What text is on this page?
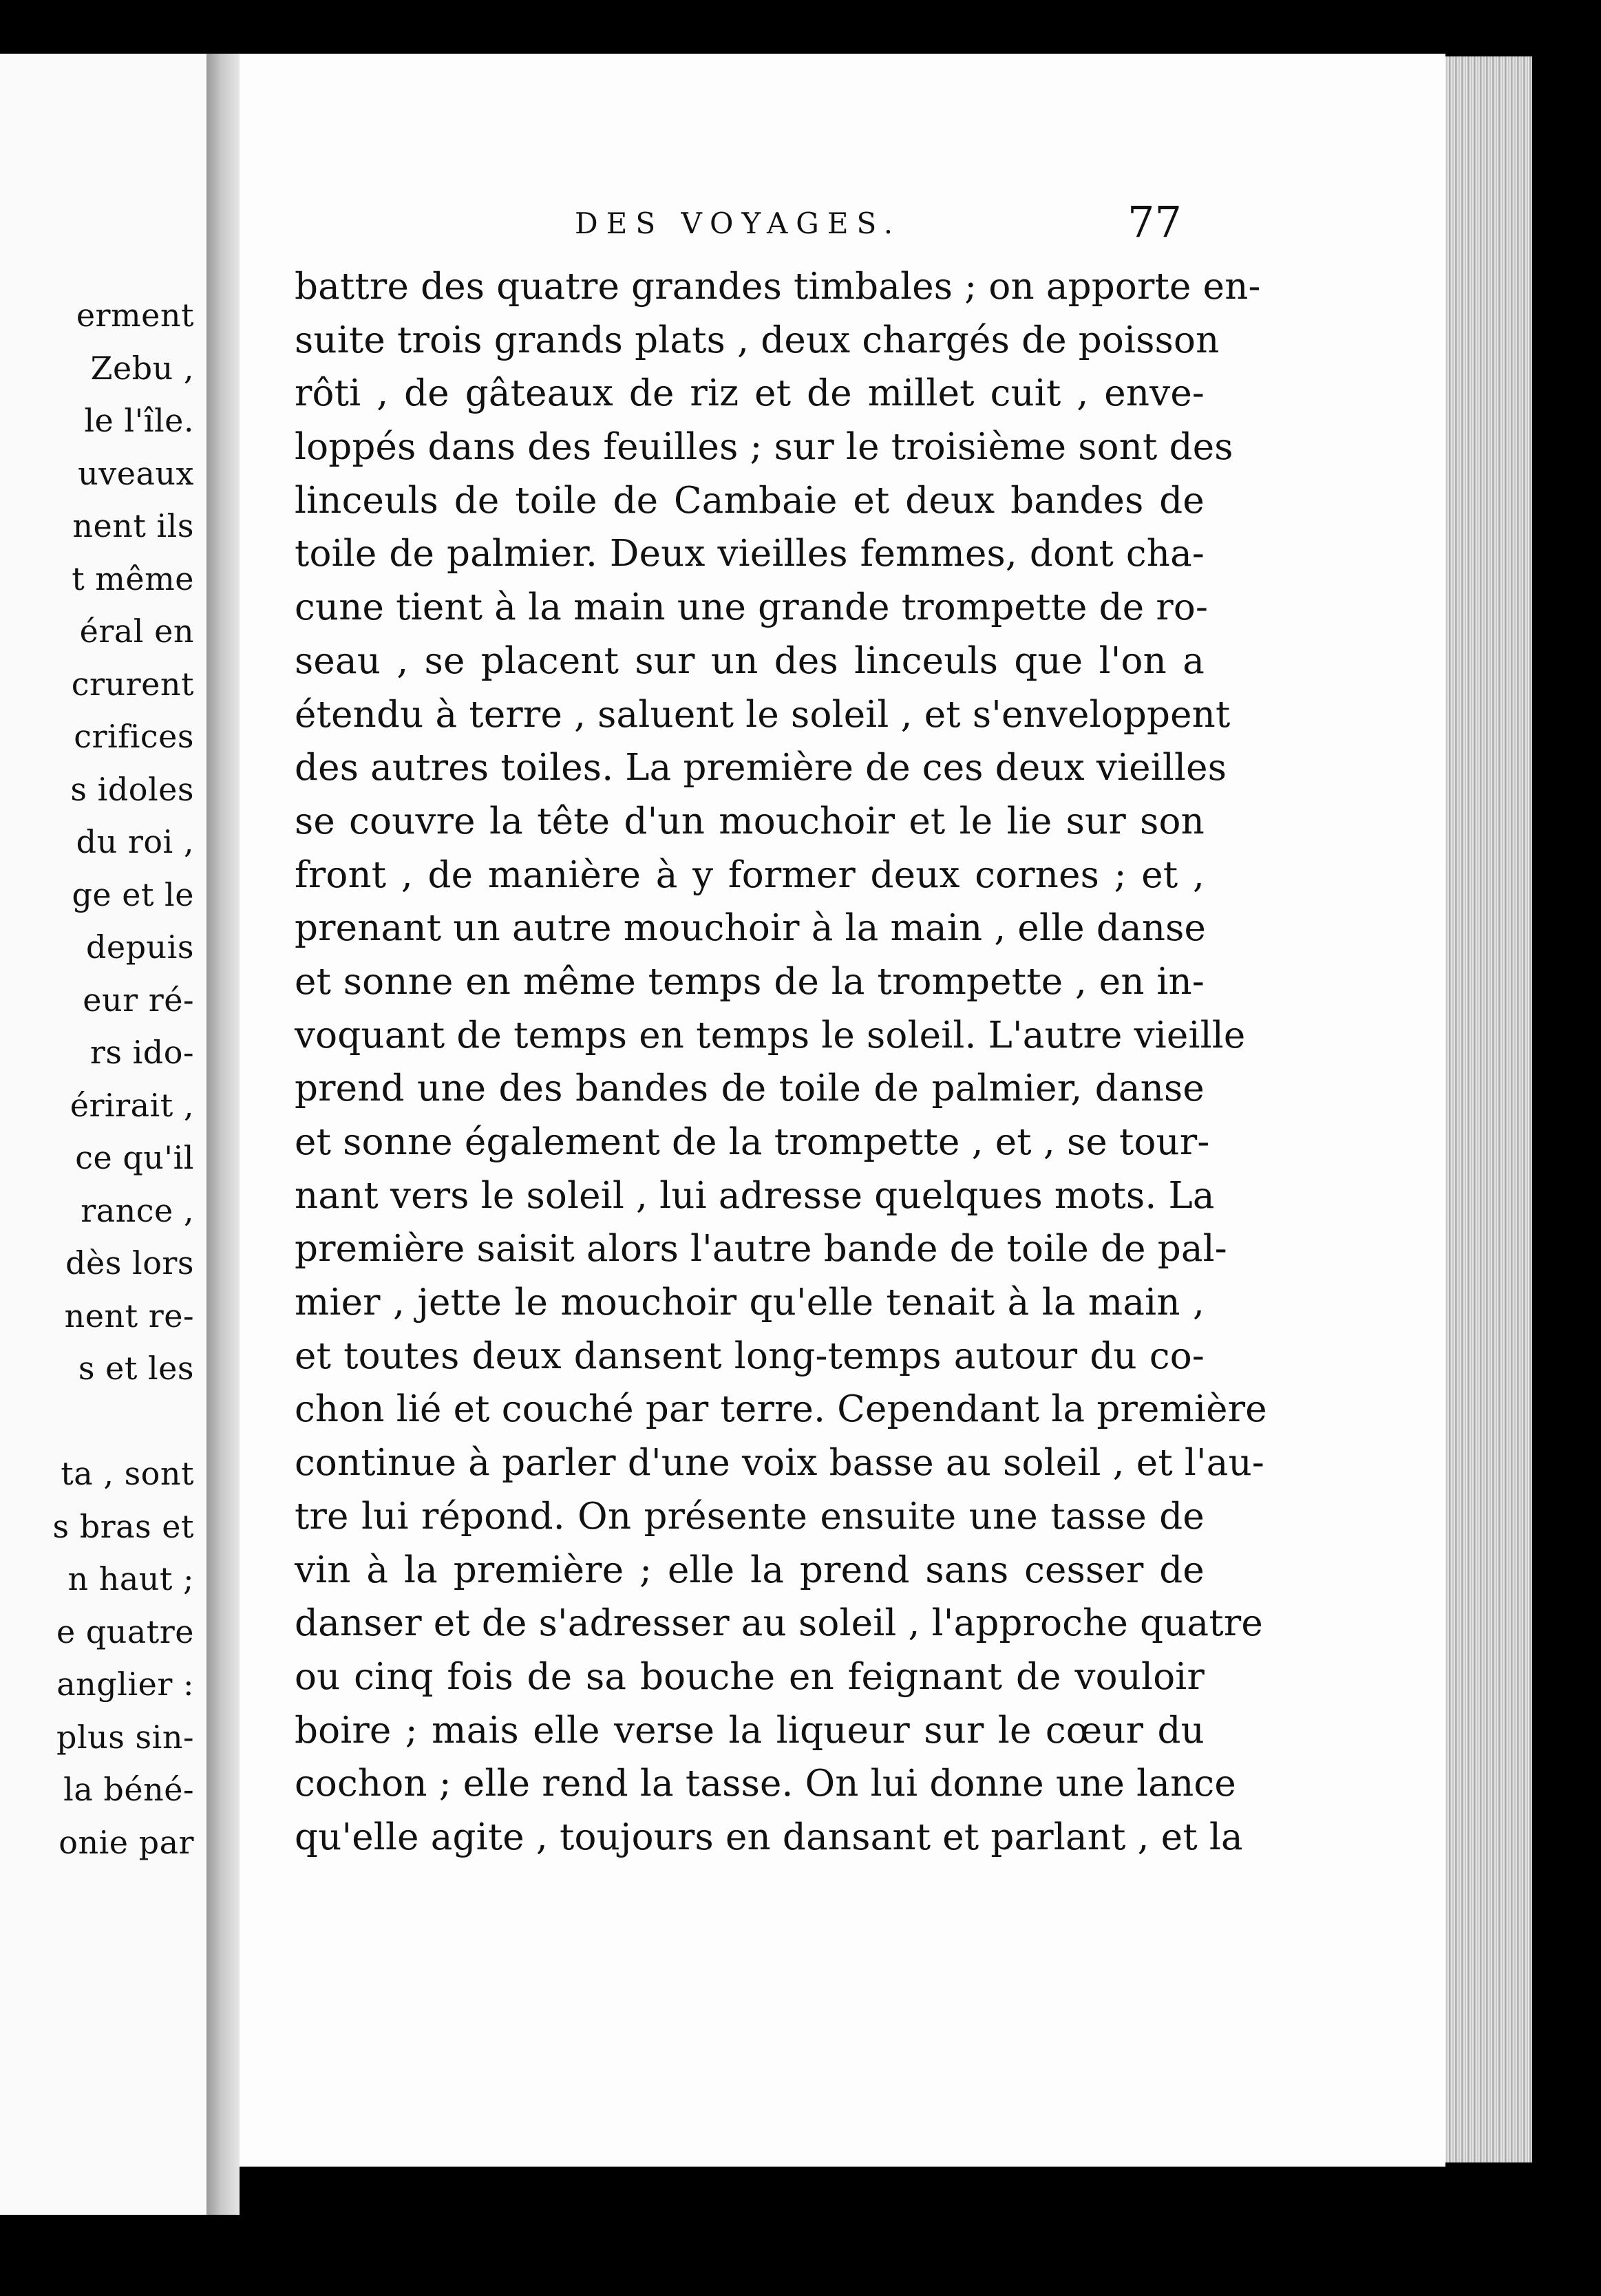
erment
Zebu ,
le l'île.
uveaux
nent ils
t même
éral en
crurent
crifices
s idoles
du roi ,
ge et le
depuis
eur ré-
rs ido-
érirait ,
ce qu'il
rance ,
dès lors
nent re-
s et les
ta , sont
s bras et
n haut ;
e quatre
anglier :
plus sin-
la béné-
onie par
DES VOYAGES.	77
battre des quatre grandes timbales ; on apporte en-
suite trois grands plats , deux chargés de poisson
rôti , de gâteaux de riz et de millet cuit , enve-
loppés dans des feuilles ; sur le troisième sont des
linceuls de toile de Cambaie et deux bandes de
toile de palmier. Deux vieilles femmes, dont cha-
cune tient à la main une grande trompette de ro-
seau , se placent sur un des linceuls que l'on a
étendu à terre , saluent le soleil , et s'enveloppent
des autres toiles. La première de ces deux vieilles
se couvre la tête d'un mouchoir et le lie sur son
front , de manière à y former deux cornes ; et ,
prenant un autre mouchoir à la main , elle danse
et sonne en même temps de la trompette , en in-
voquant de temps en temps le soleil. L'autre vieille
prend une des bandes de toile de palmier, danse
et sonne également de la trompette , et , se tour-
nant vers le soleil , lui adresse quelques mots. La
première saisit alors l'autre bande de toile de pal-
mier , jette le mouchoir qu'elle tenait à la main ,
et toutes deux dansent long-temps autour du co-
chon lié et couché par terre. Cependant la première
continue à parler d'une voix basse au soleil , et l'au-
tre lui répond. On présente ensuite une tasse de
vin à la première ; elle la prend sans cesser de
danser et de s'adresser au soleil , l'approche quatre
ou cinq fois de sa bouche en feignant de vouloir
boire ; mais elle verse la liqueur sur le cœur du
cochon ; elle rend la tasse. On lui donne une lance
qu'elle agite , toujours en dansant et parlant , et la
